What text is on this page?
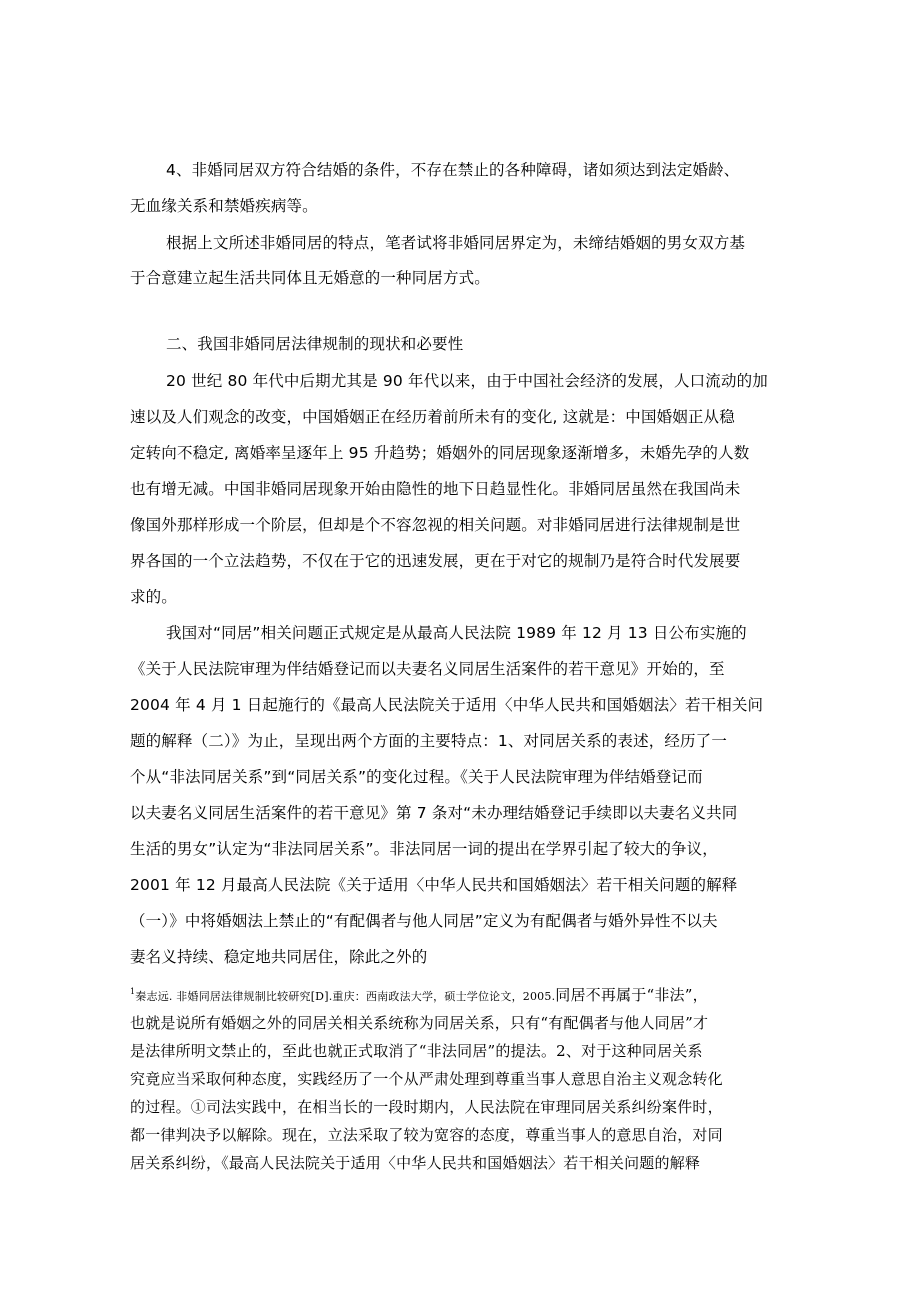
4、非婚同居双方符合结婚的条件，不存在禁止的各种障碍，诸如须达到法定婚龄、
无血缘关系和禁婚疾病等。
根据上文所述非婚同居的特点，笔者试将非婚同居界定为，未缔结婚姻的男女双方基
于合意建立起生活共同体且无婚意的一种同居方式。
二、我国非婚同居法律规制的现状和必要性
20 世纪 80 年代中后期尤其是 90 年代以来，由于中国社会经济的发展，人口流动的加
速以及人们观念的改变，中国婚姻正在经历着前所未有的变化, 这就是：中国婚姻正从稳
定转向不稳定, 离婚率呈逐年上 95 升趋势；婚姻外的同居现象逐渐增多，未婚先孕的人数
也有增无减。中国非婚同居现象开始由隐性的地下日趋显性化。非婚同居虽然在我国尚未
像国外那样形成一个阶层，但却是个不容忽视的相关问题。对非婚同居进行法律规制是世
界各国的一个立法趋势，不仅在于它的迅速发展，更在于对它的规制乃是符合时代发展要
求的。
我国对“同居”相关问题正式规定是从最高人民法院 1989 年 12 月 13 日公布实施的
《关于人民法院审理为伴结婚登记而以夫妻名义同居生活案件的若干意见》开始的，至
2004 年 4 月 1 日起施行的《最高人民法院关于适用〈中华人民共和国婚姻法〉若干相关问
题的解释（二）》为止，呈现出两个方面的主要特点：1、对同居关系的表述，经历了一
个从“非法同居关系”到“同居关系”的变化过程。《关于人民法院审理为伴结婚登记而
以夫妻名义同居生活案件的若干意见》第 7 条对“未办理结婚登记手续即以夫妻名义共同
生活的男女”认定为“非法同居关系”。非法同居一词的提出在学界引起了较大的争议，
2001 年 12 月最高人民法院《关于适用〈中华人民共和国婚姻法〉若干相关问题的解释
（一）》中将婚姻法上禁止的“有配偶者与他人同居”定义为有配偶者与婚外异性不以夫
妻名义持续、稳定地共同居住，除此之外的
$^1$秦志远. 非婚同居法律规制比较研究[D].重庆：西南政法大学，硕士学位论文，2005.同居不再属于“非法”，
也就是说所有婚姻之外的同居关相关系统称为同居关系，只有“有配偶者与他人同居”才
是法律所明文禁止的，至此也就正式取消了“非法同居”的提法。2、对于这种同居关系
究竟应当采取何种态度，实践经历了一个从严肃处理到尊重当事人意思自治主义观念转化
的过程。①司法实践中，在相当长的一段时期内，人民法院在审理同居关系纠纷案件时，
都一律判决予以解除。现在，立法采取了较为宽容的态度，尊重当事人的意思自治，对同
居关系纠纷，《最高人民法院关于适用〈中华人民共和国婚姻法〉若干相关问题的解释
